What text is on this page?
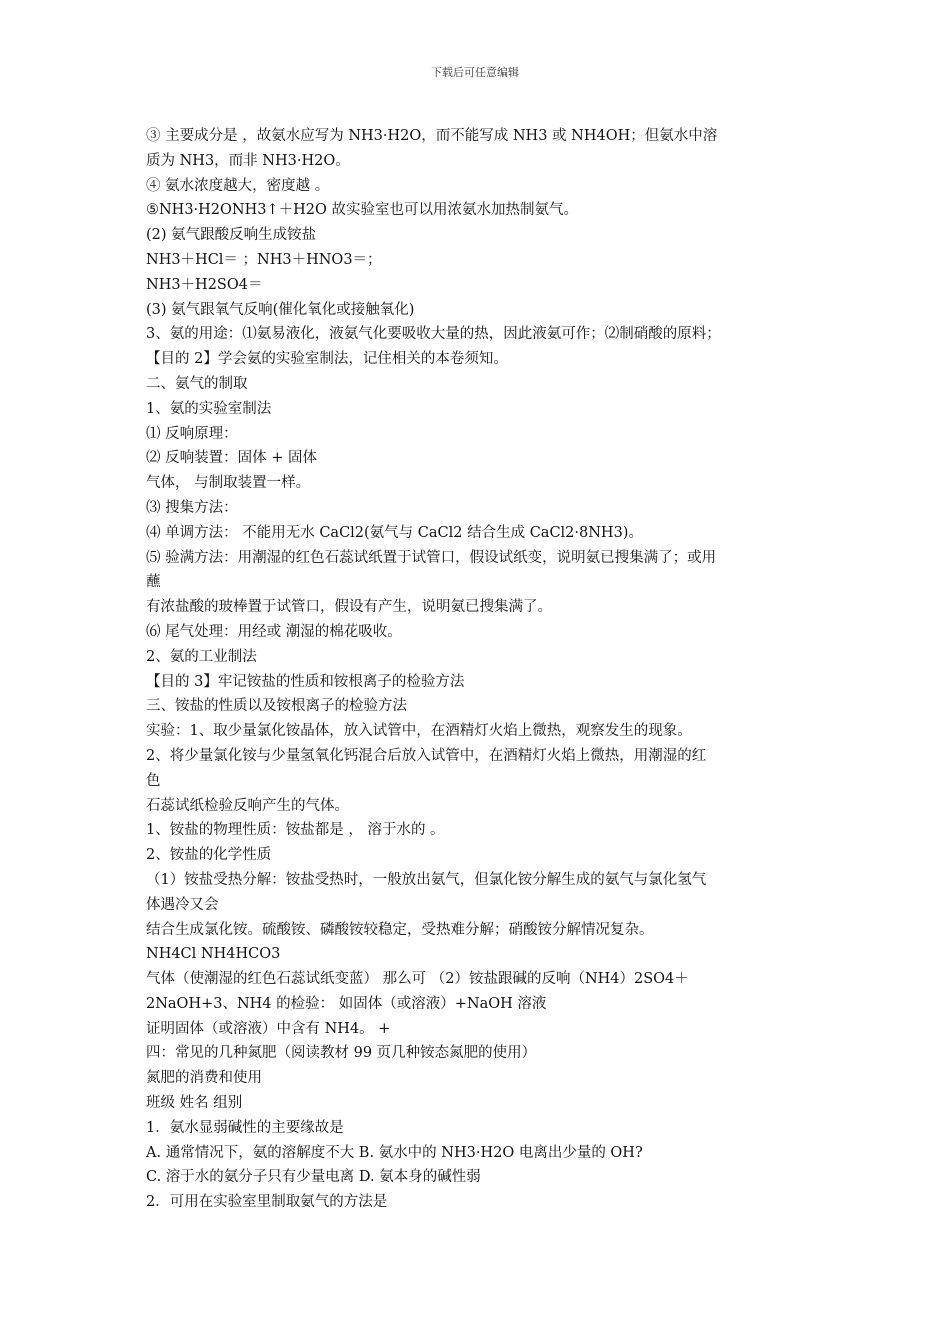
下载后可任意编辑
③ 主要成分是 ，故氨水应写为 NH3·H2O，而不能写成 NH3 或 NH4OH；但氨水中溶
质为 NH3，而非 NH3·H2O。
④ 氨水浓度越大，密度越 。
⑤NH3·H2ONH3↑＋H2O 故实验室也可以用浓氨水加热制氨气。
(2) 氨气跟酸反响生成铵盐
NH3＋HCl＝ ；NH3＋HNO3＝；
NH3＋H2SO4＝
(3) 氨气跟氧气反响(催化氧化或接触氧化)
3、氨的用途：⑴氨易液化，液氨气化要吸收大量的热，因此液氨可作；⑵制硝酸的原料；
【目的 2】学会氨的实验室制法，记住相关的本卷须知。
二、氨气的制取
1、氨的实验室制法
⑴ 反响原理：
⑵ 反响装置：固体 + 固体
气体， 与制取装置一样。
⑶ 搜集方法：
⑷ 单调方法： 不能用无水 CaCl2(氨气与 CaCl2 结合生成 CaCl2·8NH3)。
⑸ 验满方法：用潮湿的红色石蕊试纸置于试管口，假设试纸变，说明氨已搜集满了；或用
蘸
有浓盐酸的玻棒置于试管口，假设有产生，说明氨已搜集满了。
⑹ 尾气处理：用经或 潮湿的棉花吸收。
2、氨的工业制法
【目的 3】牢记铵盐的性质和铵根离子的检验方法
三、铵盐的性质以及铵根离子的检验方法
实验：1、取少量氯化铵晶体，放入试管中，在酒精灯火焰上微热，观察发生的现象。
2、将少量氯化铵与少量氢氧化钙混合后放入试管中，在酒精灯火焰上微热，用潮湿的红
色
石蕊试纸检验反响产生的气体。
1、铵盐的物理性质：铵盐都是 ， 溶于水的 。
2、铵盐的化学性质
（1）铵盐受热分解：铵盐受热时，一般放出氨气，但氯化铵分解生成的氨气与氯化氢气
体遇冷又会
结合生成氯化铵。硫酸铵、磷酸铵较稳定，受热难分解；硝酸铵分解情况复杂。
NH4Cl NH4HCO3
气体（使潮湿的红色石蕊试纸变蓝） 那么可 （2）铵盐跟碱的反响（NH4）2SO4＋
2NaOH+3、NH4 的检验： 如固体（或溶液）+NaOH 溶液
证明固体（或溶液）中含有 NH4。 +
四：常见的几种氮肥（阅读教材 99 页几种铵态氮肥的使用）
氮肥的消费和使用
班级 姓名 组别
1．氨水显弱碱性的主要缘故是
A. 通常情况下，氨的溶解度不大 B. 氨水中的 NH3·H2O 电离出少量的 OH?
C. 溶于水的氨分子只有少量电离 D. 氨本身的碱性弱
2．可用在实验室里制取氨气的方法是
